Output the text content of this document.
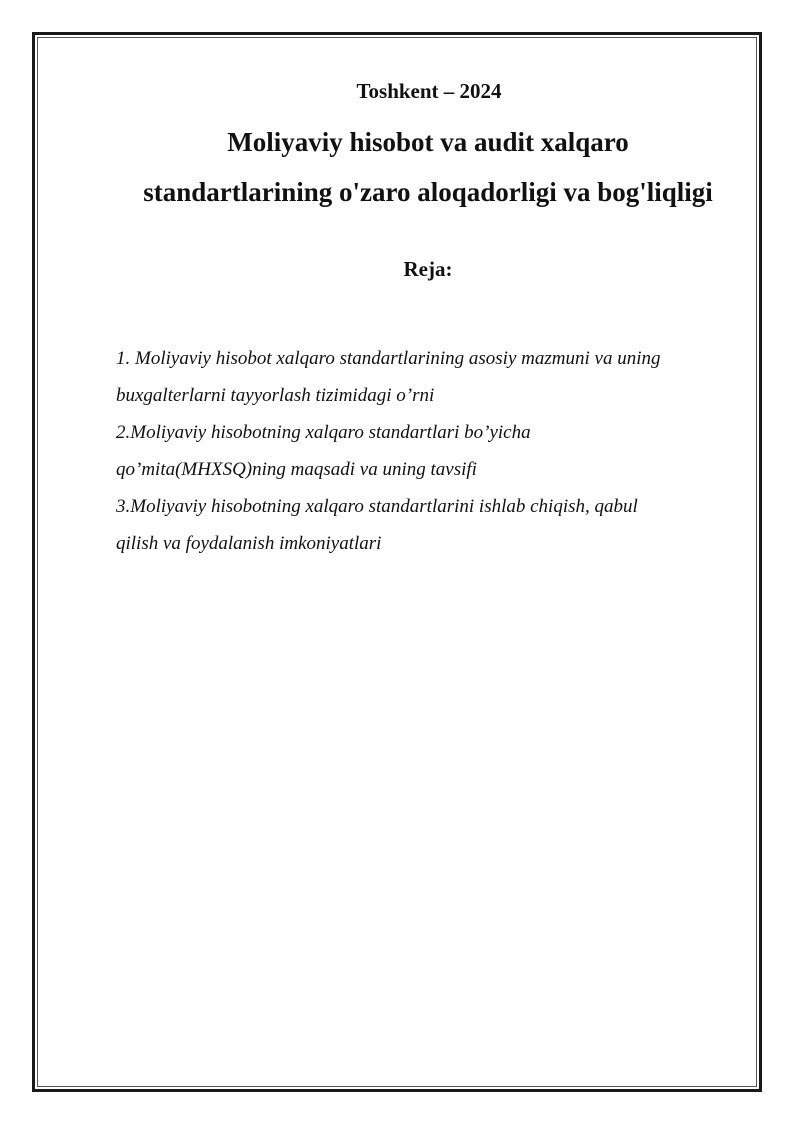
Toshkent – 2024
Moliyaviy hisobot va audit xalqaro
standartlarining o'zaro aloqadorligi va bog'liqligi
Reja:
1. Moliyaviy hisobot xalqaro standartlarining asosiy mazmuni va uning
buxgalterlarni tayyorlash tizimidagi o’rni
2.Moliyaviy hisobotning xalqaro standartlari bo’yicha
qo’mita(MHXSQ)ning maqsadi va uning tavsifi
3.Moliyaviy hisobotning xalqaro standartlarini ishlab chiqish, qabul
qilish va foydalanish imkoniyatlari
